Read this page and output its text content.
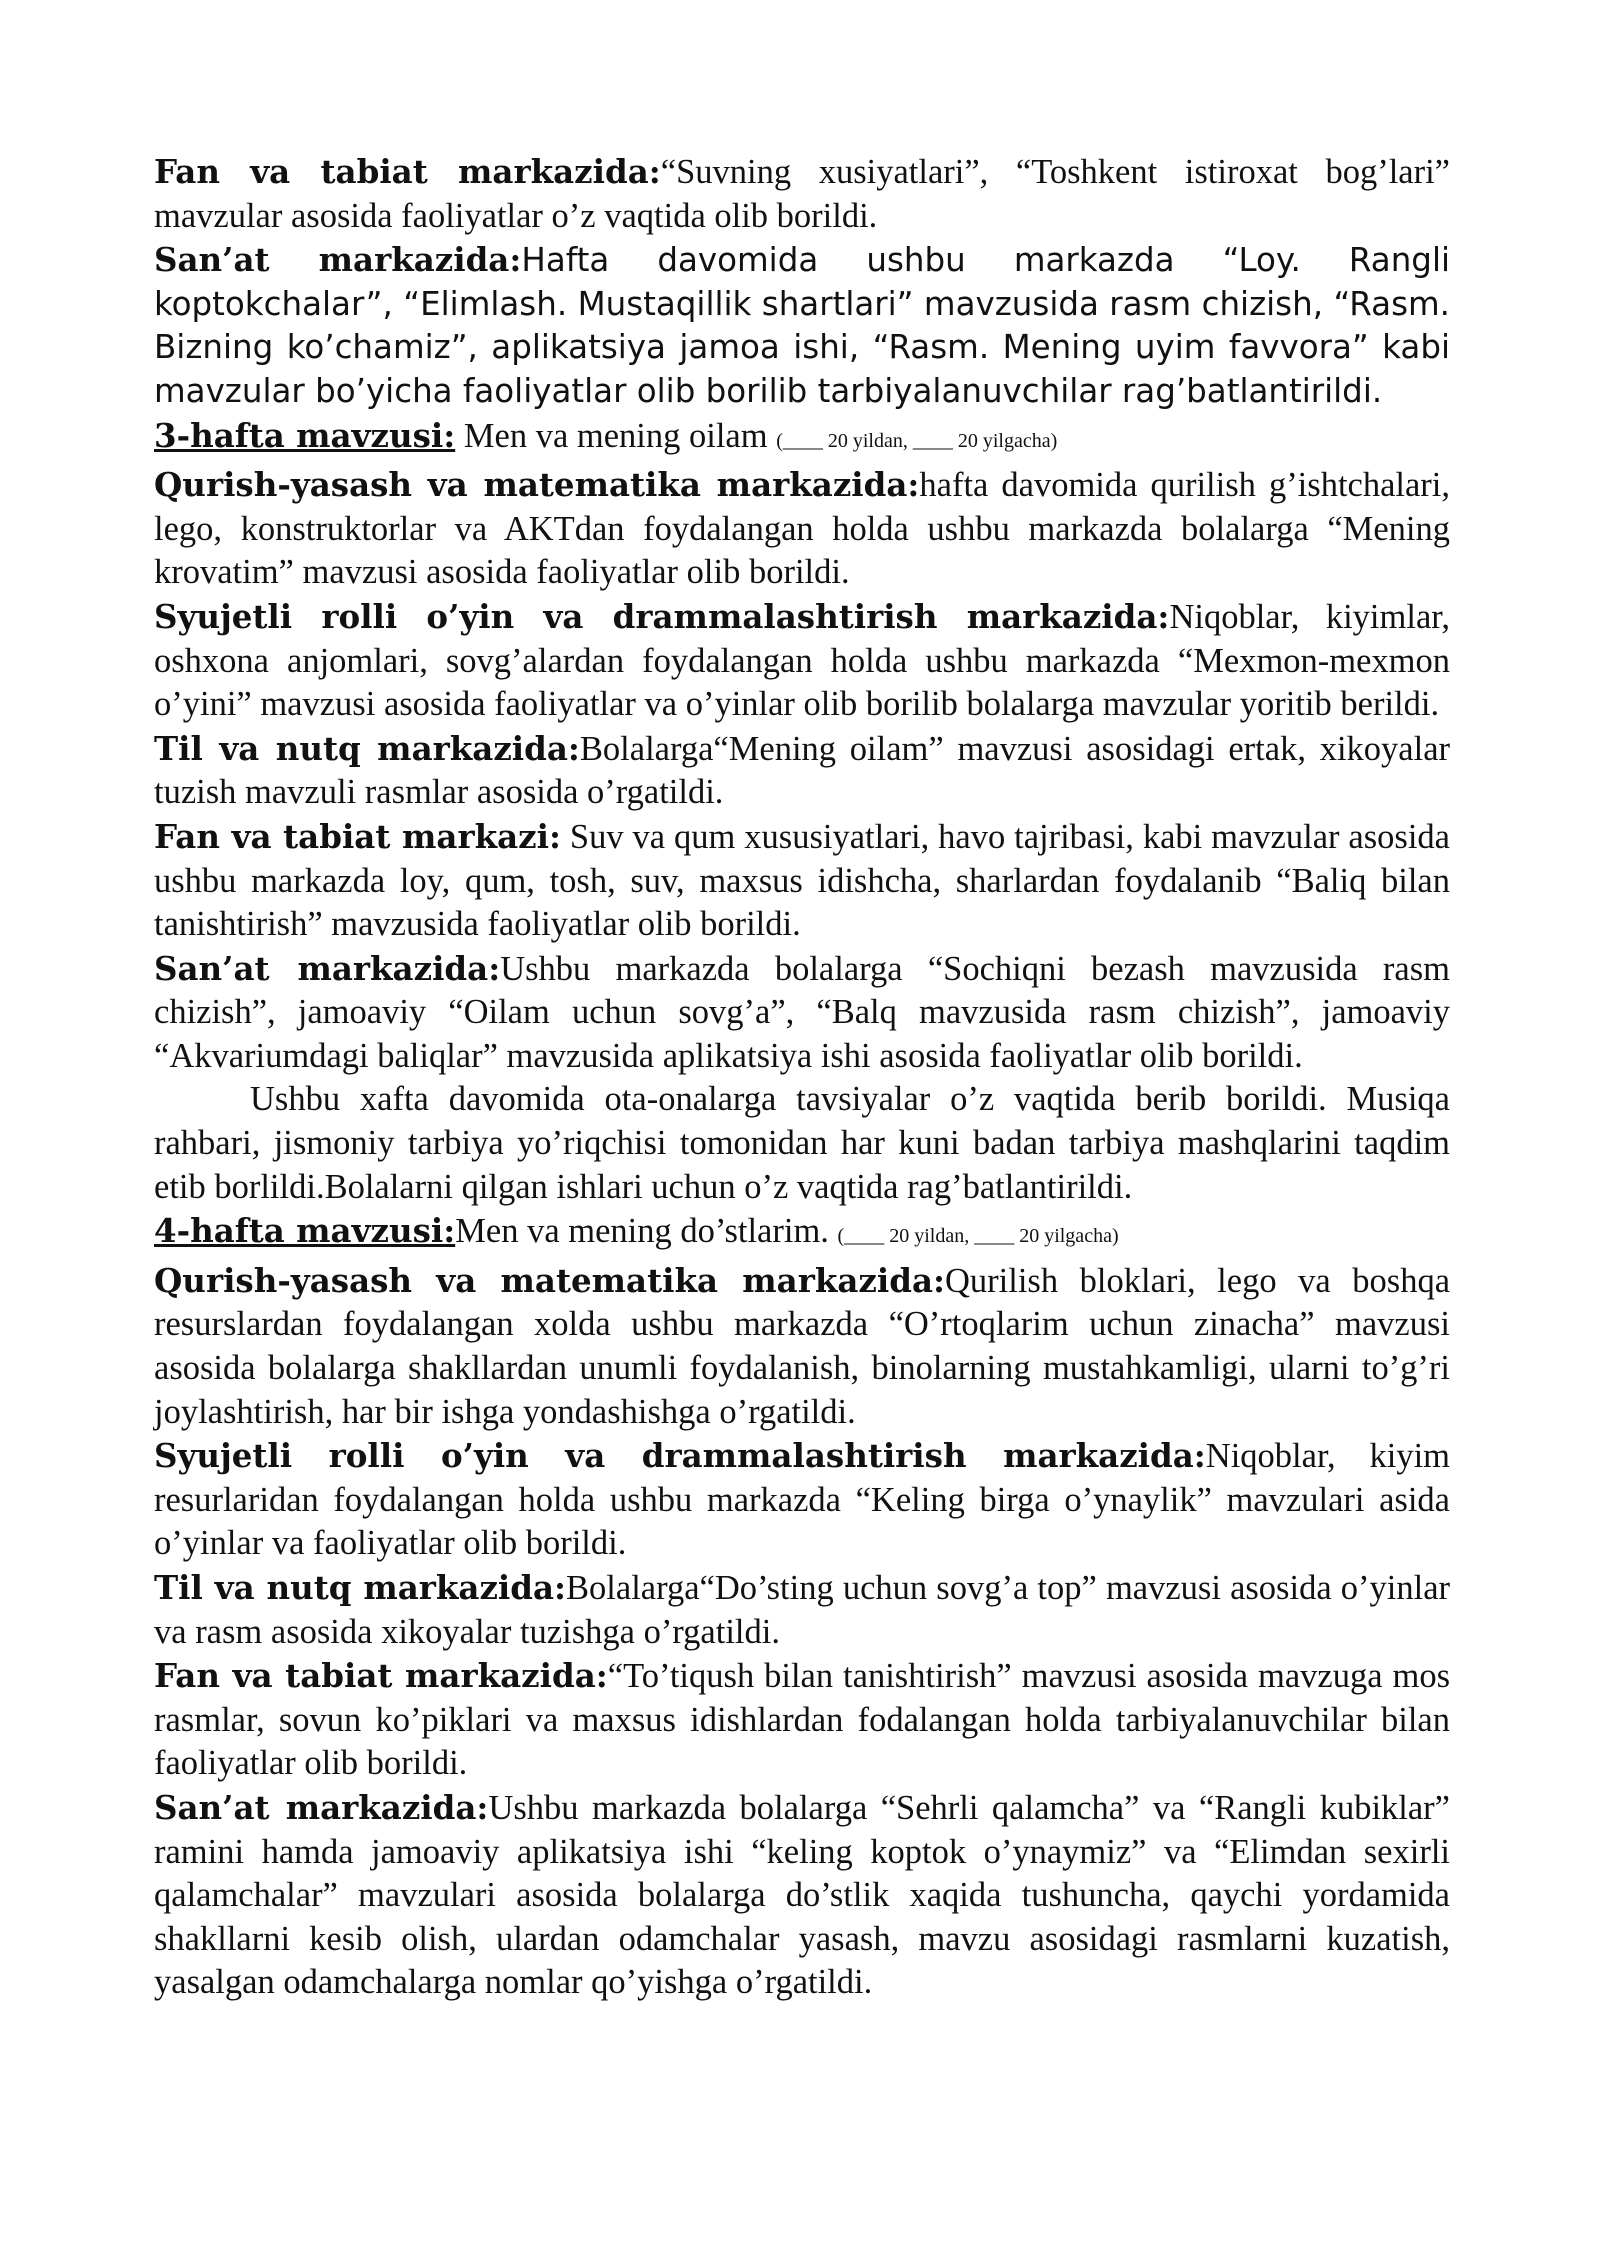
Fan va tabiat markazida:“Suvning xusiyatlari”, “Toshkent istiroxat bog’lari” mavzular asosida faoliyatlar o’z vaqtida olib borildi.

San’at markazida:Hafta davomida ushbu markazda “Loy. Rangli koptokchalar”, “Elimlash. Mustaqillik shartlari” mavzusida rasm chizish, “Rasm. Bizning ko’chamiz”, aplikatsiya jamoa ishi, “Rasm. Mening uyim favvora” kabi mavzular bo’yicha faoliyatlar olib borilib tarbiyalanuvchilar rag’batlantirildi.

3-hafta mavzusi: Men va mening oilam (____ 20 yildan, ____ 20 yilgacha)

Qurish-yasash va matematika markazida:hafta davomida qurilish g’ishtchalari, lego, konstruktorlar va AKTdan foydalangan holda ushbu markazda bolalarga “Mening krovatim” mavzusi asosida faoliyatlar olib borildi.

Syujetli rolli o’yin va drammalashtirish markazida:Niqoblar, kiyimlar, oshxona anjomlari, sovg’alardan foydalangan holda ushbu markazda “Mexmon-mexmon o’yini” mavzusi asosida faoliyatlar va o’yinlar olib borilib bolalarga mavzular yoritib berildi.

Til va nutq markazida:Bolalarga“Mening oilam” mavzusi asosidagi ertak, xikoyalar tuzish mavzuli rasmlar asosida o’rgatildi.

Fan va tabiat markazi: Suv va qum xususiyatlari, havo tajribasi, kabi mavzular asosida ushbu markazda loy, qum, tosh, suv, maxsus idishcha, sharlardan foydalanib “Baliq bilan tanishtirish” mavzusida faoliyatlar olib borildi.

San’at markazida:Ushbu markazda bolalarga “Sochiqni bezash mavzusida rasm chizish”, jamoaviy “Oilam uchun sovg’a”, “Balq mavzusida rasm chizish”, jamoaviy “Akvariumdagi baliqlar” mavzusida aplikatsiya ishi asosida faoliyatlar olib borildi.

Ushbu xafta davomida ota-onalarga tavsiyalar o’z vaqtida berib borildi. Musiqa rahbari, jismoniy tarbiya yo’riqchisi tomonidan har kuni badan tarbiya mashqlarini taqdim etib borlildi.Bolalarni qilgan ishlari uchun o’z vaqtida rag’batlantirildi.

4-hafta mavzusi:Men va mening do’stlarim. (____ 20 yildan, ____ 20 yilgacha)

Qurish-yasash va matematika markazida:Qurilish bloklari, lego va boshqa resurslardan foydalangan xolda ushbu markazda “O’rtoqlarim uchun zinacha” mavzusi asosida bolalarga shakllardan unumli foydalanish, binolarning mustahkamligi, ularni to’g’ri joylashtirish, har bir ishga yondashishga o’rgatildi.

Syujetli rolli o’yin va drammalashtirish markazida:Niqoblar, kiyim resurlaridan foydalangan holda ushbu markazda “Keling birga o’ynaylik” mavzulari asida o’yinlar va faoliyatlar olib borildi.

Til va nutq markazida:Bolalarga“Do’sting uchun sovg’a top” mavzusi asosida o’yinlar va rasm asosida xikoyalar tuzishga o’rgatildi.

Fan va tabiat markazida:“To’tiqush bilan tanishtirish” mavzusi asosida mavzuga mos rasmlar, sovun ko’piklari va maxsus idishlardan fodalangan holda tarbiyalanuvchilar bilan faoliyatlar olib borildi.

San’at markazida:Ushbu markazda bolalarga “Sehrli qalamcha” va “Rangli kubiklar” ramini hamda jamoaviy aplikatsiya ishi “keling koptok o’ynaymiz” va “Elimdan sexirli qalamchalar” mavzulari asosida bolalarga do’stlik xaqida tushuncha, qaychi yordamida shakllarni kesib olish, ulardan odamchalar yasash, mavzu asosidagi rasmlarni kuzatish, yasalgan odamchalarga nomlar qo’yishga o’rgatildi.
